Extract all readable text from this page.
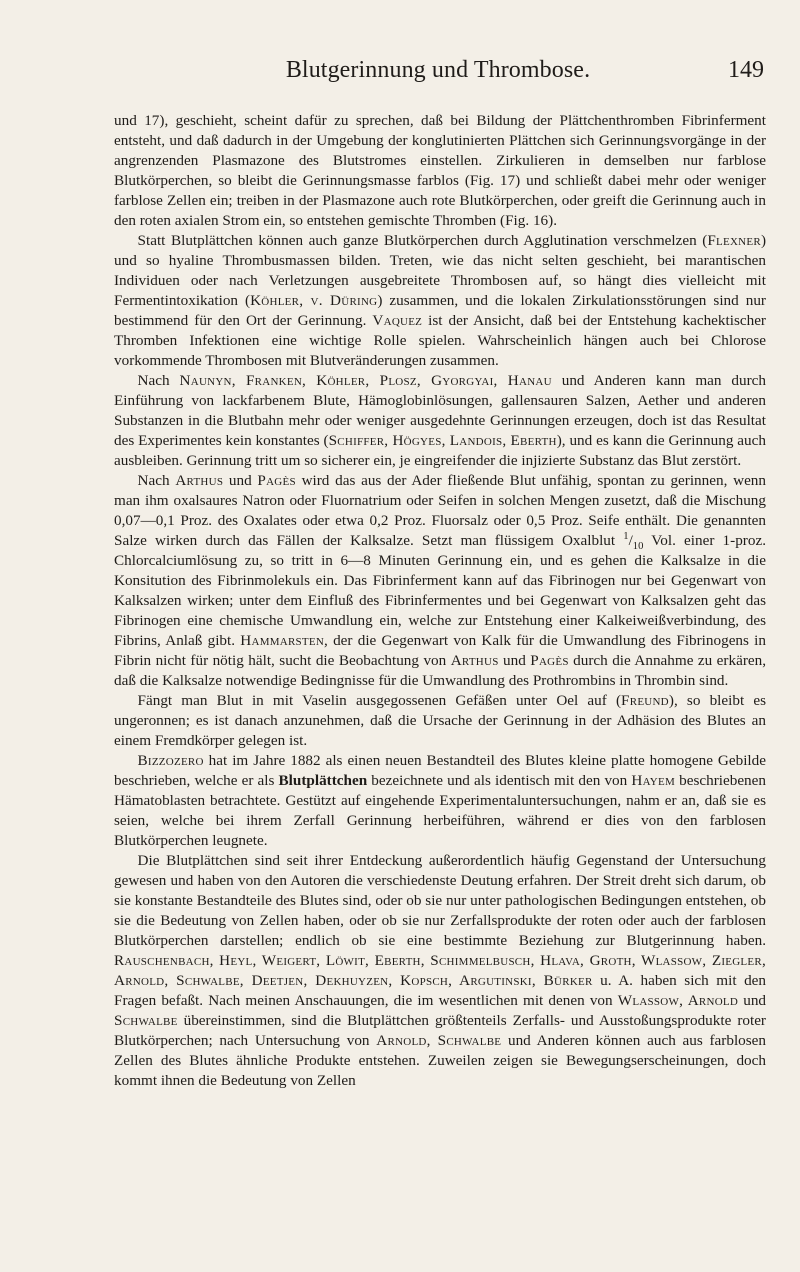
Blutgerinnung und Thrombose.	149

und 17), geschieht, scheint dafür zu sprechen, daß bei Bildung der Plättchenthromben Fibrinferment entsteht, und daß dadurch in der Umgebung der konglutinierten Plättchen sich Gerinnungsvorgänge in der angrenzenden Plasmazone des Blutstromes einstellen. Zirkulieren in demselben nur farblose Blutkörperchen, so bleibt die Gerinnungsmasse farblos (Fig. 17) und schließt dabei mehr oder weniger farblose Zellen ein; treiben in der Plasmazone auch rote Blutkörperchen, oder greift die Gerinnung auch in den roten axialen Strom ein, so entstehen gemischte Thromben (Fig. 16).

Statt Blutplättchen können auch ganze Blutkörperchen durch Agglutination verschmelzen (Flexner) und so hyaline Thrombusmassen bilden. Treten, wie das nicht selten geschieht, bei marantischen Individuen oder nach Verletzungen ausgebreitete Thrombosen auf, so hängt dies vielleicht mit Fermentintoxikation (Köhler, v. Düring) zusammen, und die lokalen Zirkulationsstörungen sind nur bestimmend für den Ort der Gerinnung. Vaquez ist der Ansicht, daß bei der Entstehung kachektischer Thromben Infektionen eine wichtige Rolle spielen. Wahrscheinlich hängen auch bei Chlorose vorkommende Thrombosen mit Blutveränderungen zusammen.

Nach Naunyn, Franken, Köhler, Plosz, Gyorgyai, Hanau und Anderen kann man durch Einführung von lackfarbenem Blute, Hämoglobinlösungen, gallensauren Salzen, Aether und anderen Substanzen in die Blutbahn mehr oder weniger ausgedehnte Gerinnungen erzeugen, doch ist das Resultat des Experimentes kein konstantes (Schiffer, Högyes, Landois, Eberth), und es kann die Gerinnung auch ausbleiben. Gerinnung tritt um so sicherer ein, je eingreifender die injizierte Substanz das Blut zerstört.

Nach Arthus und Pagès wird das aus der Ader fließende Blut unfähig, spontan zu gerinnen, wenn man ihm oxalsaures Natron oder Fluornatrium oder Seifen in solchen Mengen zusetzt, daß die Mischung 0,07—0,1 Proz. des Oxalates oder etwa 0,2 Proz. Fluorsalz oder 0,5 Proz. Seife enthält. Die genannten Salze wirken durch das Fällen der Kalksalze. Setzt man flüssigem Oxalblut $^1/_{10}$ Vol. einer 1-proz. Chlorcalciumlösung zu, so tritt in 6—8 Minuten Gerinnung ein, und es gehen die Kalksalze in die Konsitution des Fibrinmolekuls ein. Das Fibrinferment kann auf das Fibrinogen nur bei Gegenwart von Kalksalzen wirken; unter dem Einfluß des Fibrinfermentes und bei Gegenwart von Kalksalzen geht das Fibrinogen eine chemische Umwandlung ein, welche zur Entstehung einer Kalkeiweißverbindung, des Fibrins, Anlaß gibt. Hammarsten, der die Gegenwart von Kalk für die Umwandlung des Fibrinogens in Fibrin nicht für nötig hält, sucht die Beobachtung von Arthus und Pagès durch die Annahme zu erkären, daß die Kalksalze notwendige Bedingnisse für die Umwandlung des Prothrombins in Thrombin sind.

Fängt man Blut in mit Vaselin ausgegossenen Gefäßen unter Oel auf (Freund), so bleibt es ungeronnen; es ist danach anzunehmen, daß die Ursache der Gerinnung in der Adhäsion des Blutes an einem Fremdkörper gelegen ist.

Bizzozero hat im Jahre 1882 als einen neuen Bestandteil des Blutes kleine platte homogene Gebilde beschrieben, welche er als Blutplättchen bezeichnete und als identisch mit den von Hayem beschriebenen Hämatoblasten betrachtete. Gestützt auf eingehende Experimentaluntersuchungen, nahm er an, daß sie es seien, welche bei ihrem Zerfall Gerinnung herbeiführen, während er dies von den farblosen Blutkörperchen leugnete.

Die Blutplättchen sind seit ihrer Entdeckung außerordentlich häufig Gegenstand der Untersuchung gewesen und haben von den Autoren die verschiedenste Deutung erfahren. Der Streit dreht sich darum, ob sie konstante Bestandteile des Blutes sind, oder ob sie nur unter pathologischen Bedingungen entstehen, ob sie die Bedeutung von Zellen haben, oder ob sie nur Zerfallsprodukte der roten oder auch der farblosen Blutkörperchen darstellen; endlich ob sie eine bestimmte Beziehung zur Blutgerinnung haben. Rauschenbach, Heyl, Weigert, Löwit, Eberth, Schimmelbusch, Hlava, Groth, Wlassow, Ziegler, Arnold, Schwalbe, Deetjen, Dekhuyzen, Kopsch, Argutinski, Bürker u. A. haben sich mit den Fragen befaßt. Nach meinen Anschauungen, die im wesentlichen mit denen von Wlassow, Arnold und Schwalbe übereinstimmen, sind die Blutplättchen größtenteils Zerfalls- und Ausstoßungsprodukte roter Blutkörperchen; nach Untersuchung von Arnold, Schwalbe und Anderen können auch aus farblosen Zellen des Blutes ähnliche Produkte entstehen. Zuweilen zeigen sie Bewegungserscheinungen, doch kommt ihnen die Bedeutung von Zellen
